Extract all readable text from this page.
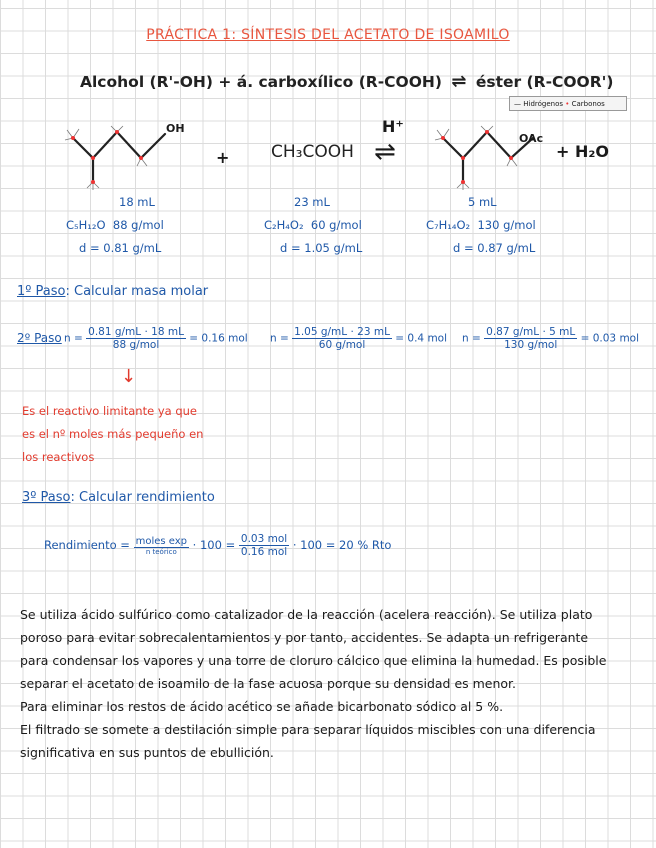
PRÁCTICA 1: SÍNTESIS DEL ACETATO DE ISOAMILO
Alcohol (R'-OH) + á. carboxílico (R-COOH) ⇌ éster (R-COOR')
— Hidrógenos • Carbonos
OH
+ CH₃COOH
H⁺
⇌	OAc
+ H₂O
18 mL
C₅H₁₂O 88 g/mol
d = 0.81 g/mL
23 mL
C₂H₄O₂ 60 g/mol
d = 1.05 g/mL
5 mL
C₇H₁₄O₂ 130 g/mol
d = 0.87 g/mL
1º Paso: Calcular masa molar
2º Paso $n = \frac{0.81 g/mL \cdot 18 mL}{\text{88 g/mol}} = 0.16$ mol $n = \frac{1.05 g/mL \cdot 23 mL}{\text{60 g/mol}} = 0.4$ mol $n = \frac{0.87 g/mL \cdot 5 mL}{\text{130 g/mol}} = 0.03$ mol
↓
Es el reactivo limitante ya que
es el nº moles más pequeño en
los reactivos
3º Paso: Calcular rendimiento
Rendimiento = $\frac{\text{moles exp}}{\text{n teórico}} \cdot 100 = \frac{\text{0.03 mol}}{\text{0.16 mol}} \cdot 100 = 20$ % Rto
Se utiliza ácido sulfúrico como catalizador de la reacción (acelera reacción). Se utiliza plato poroso para evitar sobrecalentamientos y por tanto, accidentes. Se adapta un refrigerante para condensar los vapores y una torre de cloruro cálcico que elimina la humedad. Es posible separar el acetato de isoamilo de la fase acuosa porque su densidad es menor.
Para eliminar los restos de ácido acético se añade bicarbonato sódico al 5 %.
El filtrado se somete a destilación simple para separar líquidos miscibles con una diferencia significativa en sus puntos de ebullición.
